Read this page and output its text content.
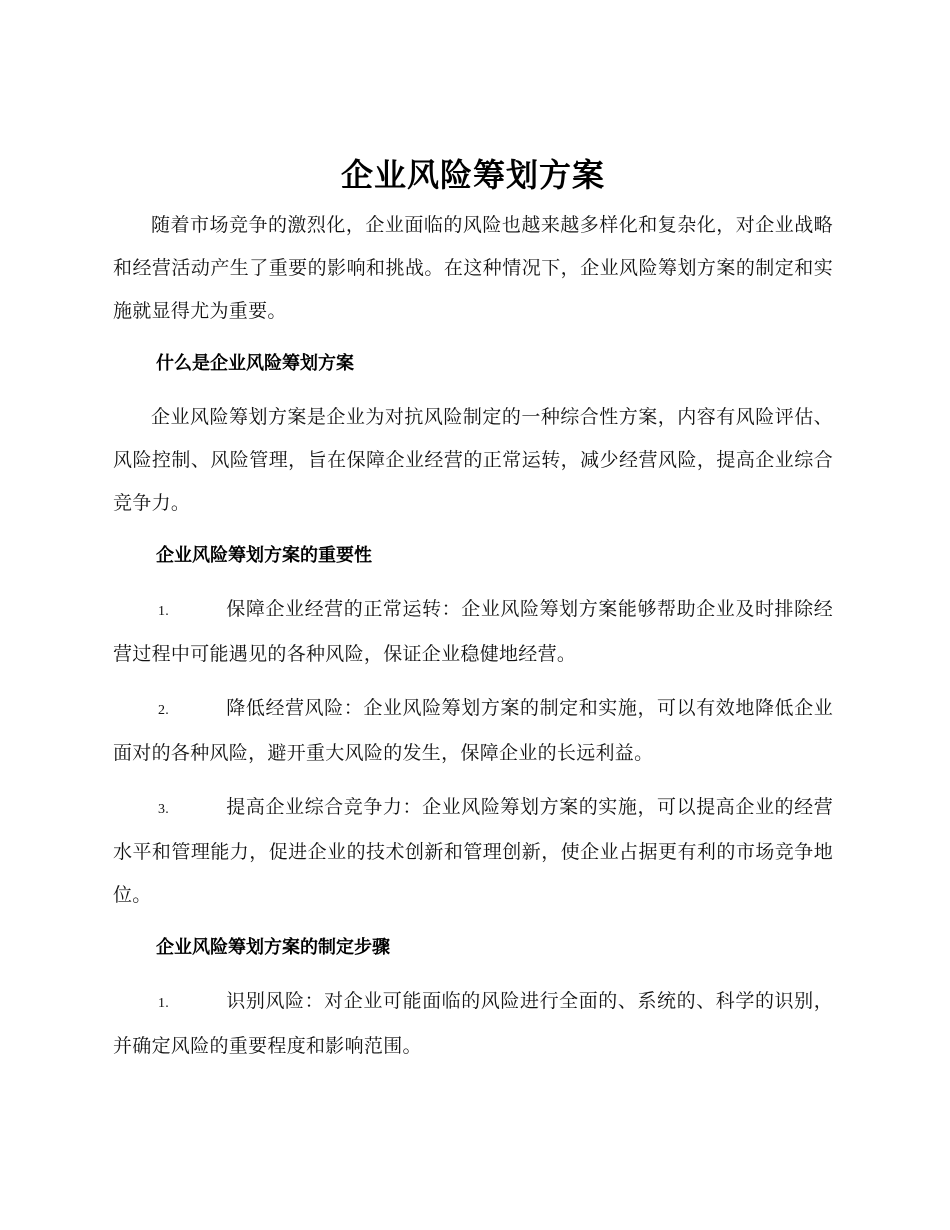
企业风险筹划方案

随着市场竞争的激烈化，企业面临的风险也越来越多样化和复杂化，对企业战略和经营活动产生了重要的影响和挑战。在这种情况下，企业风险筹划方案的制定和实施就显得尤为重要。

什么是企业风险筹划方案

企业风险筹划方案是企业为对抗风险制定的一种综合性方案，内容有风险评估、风险控制、风险管理，旨在保障企业经营的正常运转，减少经营风险，提高企业综合竞争力。

企业风险筹划方案的重要性

1.	保障企业经营的正常运转：企业风险筹划方案能够帮助企业及时排除经营过程中可能遇见的各种风险，保证企业稳健地经营。

2.	降低经营风险：企业风险筹划方案的制定和实施，可以有效地降低企业面对的各种风险，避开重大风险的发生，保障企业的长远利益。

3.	提高企业综合竞争力：企业风险筹划方案的实施，可以提高企业的经营水平和管理能力，促进企业的技术创新和管理创新，使企业占据更有利的市场竞争地位。

企业风险筹划方案的制定步骤

1.	识别风险：对企业可能面临的风险进行全面的、系统的、科学的识别，并确定风险的重要程度和影响范围。
